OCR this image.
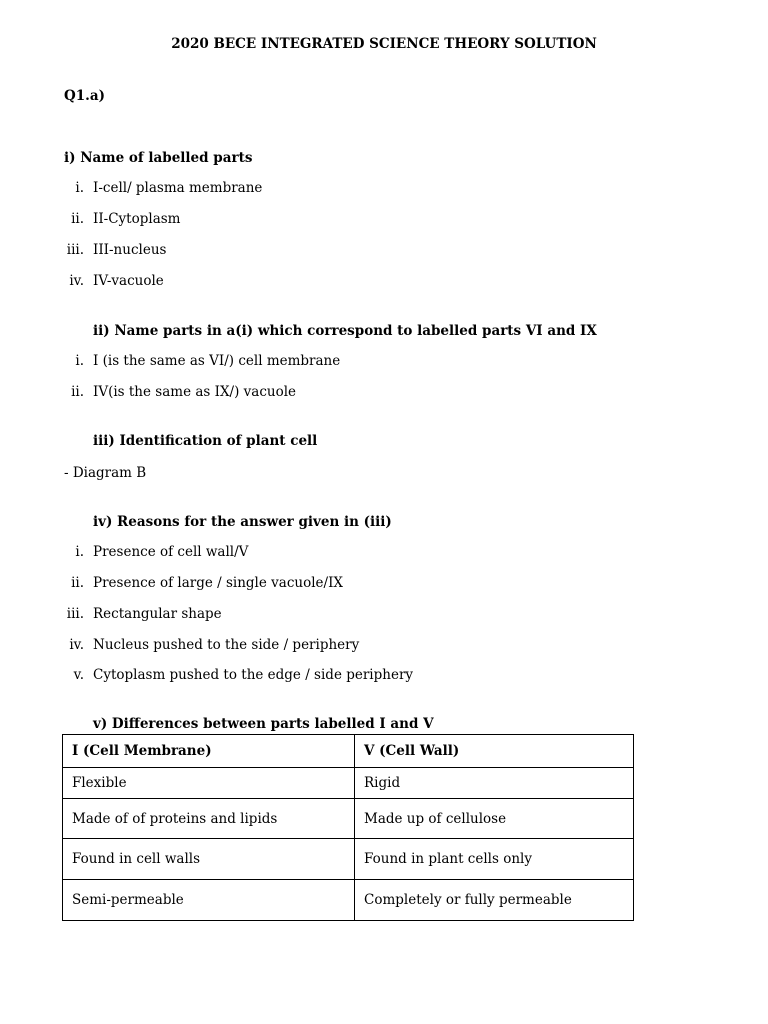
2020 BECE INTEGRATED SCIENCE THEORY SOLUTION
Q1.a)
i) Name of labelled parts
i. I-cell/ plasma membrane
ii. II-Cytoplasm
iii. III-nucleus
iv. IV-vacuole
ii) Name parts in a(i) which correspond to labelled parts VI and IX
i. I (is the same as VI/) cell membrane
ii. IV(is the same as IX/) vacuole
iii) Identification of plant cell
- Diagram B
iv) Reasons for the answer given in (iii)
i. Presence of cell wall/V
ii. Presence of large / single vacuole/IX
iii. Rectangular shape
iv. Nucleus pushed to the side / periphery
v. Cytoplasm pushed to the edge / side periphery
v) Differences between parts labelled I and V
I (Cell Membrane)	V (Cell Wall)
Flexible	Rigid
Made of of proteins and lipids	Made up of cellulose
Found in cell walls	Found in plant cells only
Semi-permeable	Completely or fully permeable
